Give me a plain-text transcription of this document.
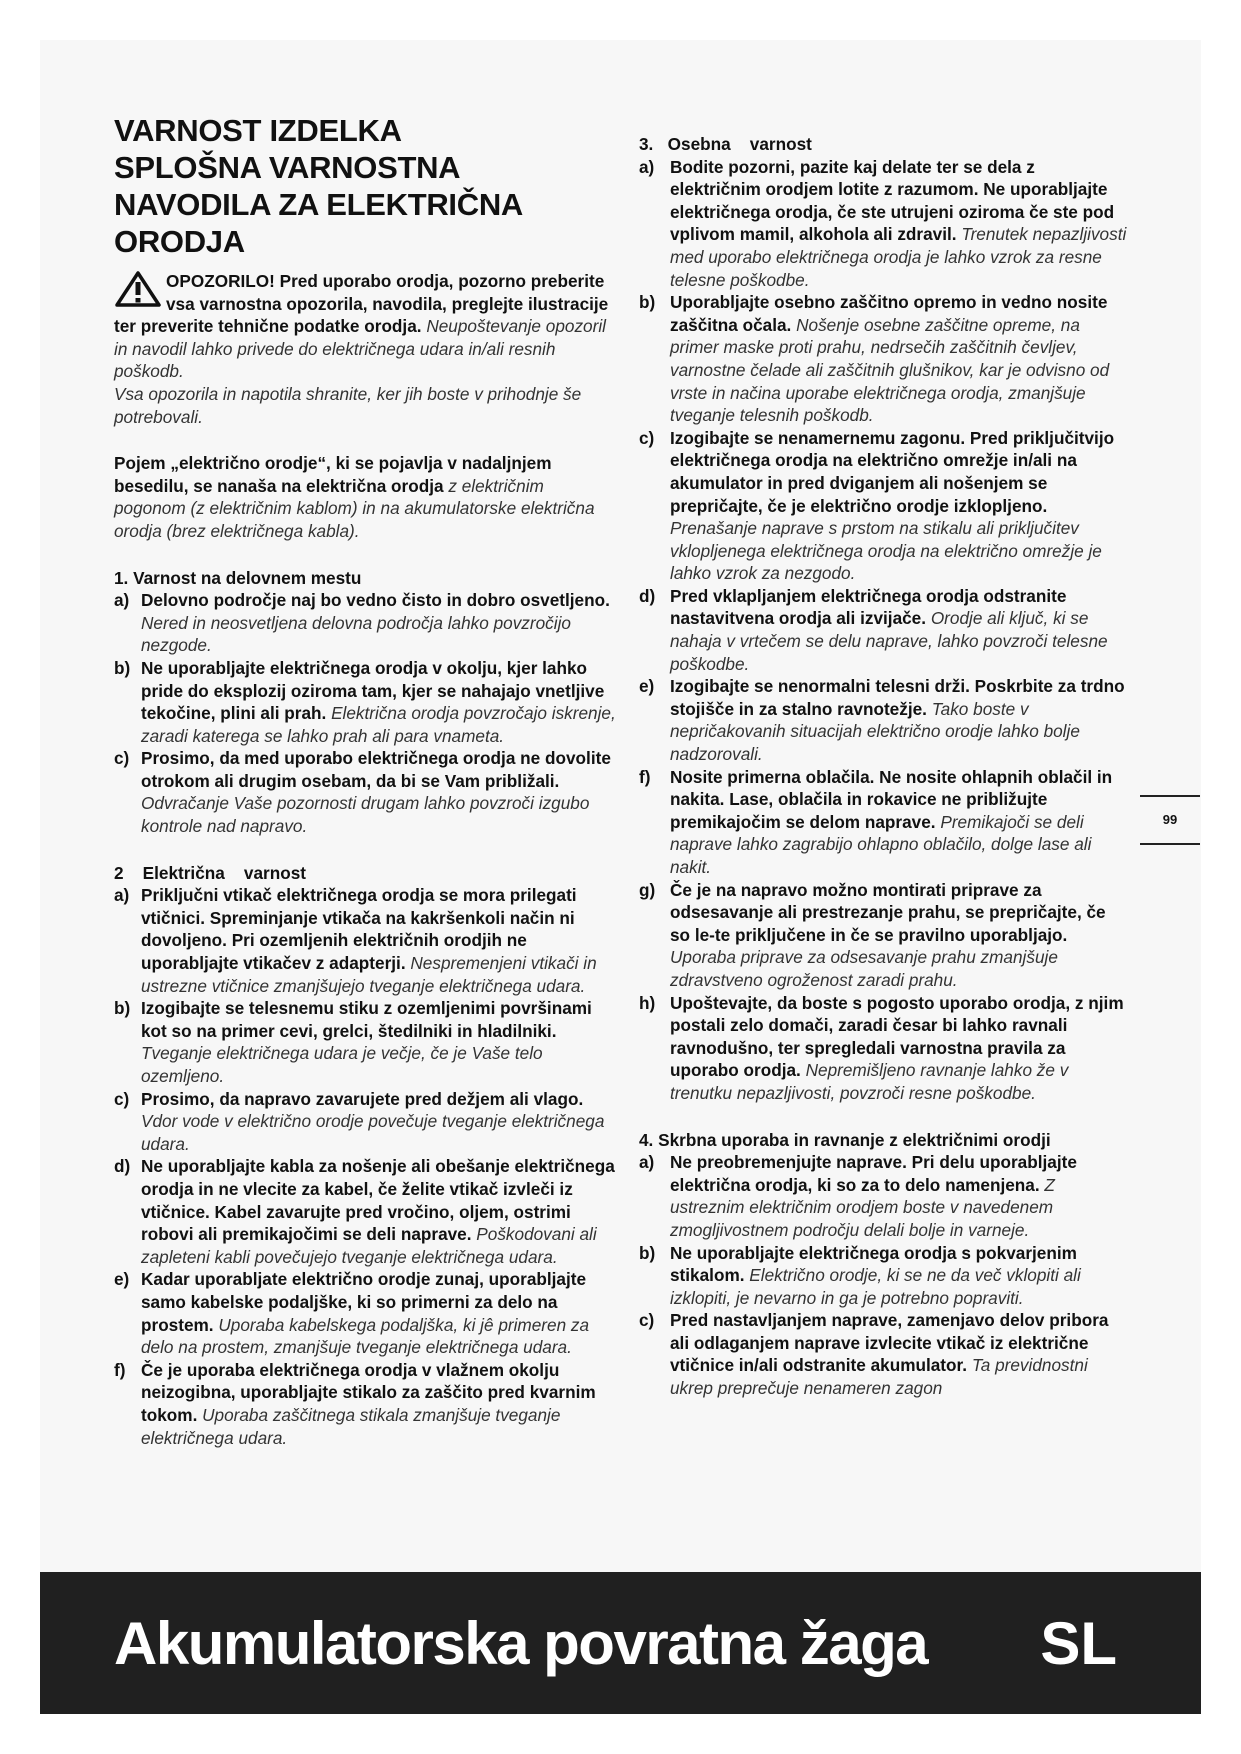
VARNOST IZDELKA
SPLOŠNA VARNOSTNA
NAVODILA ZA ELEKTRIČNA
ORODJA

OPOZORILO! Pred uporabo orodja, pozorno preberite vsa varnostna opozorila, navodila, preglejte ilustracije ter preverite tehnične podatke orodja. Neupoštevanje opozoril in navodil lahko privede do električnega udara in/ali resnih poškodb.
Vsa opozorila in napotila shranite, ker jih boste v prihodnje še potrebovali.

Pojem „električno orodje“, ki se pojavlja v nadaljnjem besedilu, se nanaša na električna orodja z električnim pogonom (z električnim kablom) in na akumulatorske električna orodja (brez električnega kabla).

1. Varnost na delovnem mestu
a) Delovno področje naj bo vedno čisto in dobro osvetljeno. Nered in neosvetljena delovna področja lahko povzročijo nezgode.
b) Ne uporabljajte električnega orodja v okolju, kjer lahko pride do eksplozij oziroma tam, kjer se nahajajo vnetljive tekočine, plini ali prah. Električna orodja povzročajo iskrenje, zaradi katerega se lahko prah ali para vnameta.
c) Prosimo, da med uporabo električnega orodja ne dovolite otrokom ali drugim osebam, da bi se Vam približali. Odvračanje Vaše pozornosti drugam lahko povzroči izgubo kontrole nad napravo.
2    Električna    varnost
a) Priključni vtikač električnega orodja se mora prilegati vtičnici. Spreminjanje vtikača na kakršenkoli način ni dovoljeno. Pri ozemljenih električnih orodjih ne uporabljajte vtikačev z adapterji. Nespremenjeni vtikači in ustrezne vtičnice zmanjšujejo tveganje električnega udara.
b) Izogibajte se telesnemu stiku z ozemljenimi površinami kot so na primer cevi, grelci, štedilniki in hladilniki. Tveganje električnega udara je večje, če je Vaše telo ozemljeno.
c) Prosimo, da napravo zavarujete pred dežjem ali vlago. Vdor vode v električno orodje povečuje tveganje električnega udara.
d) Ne uporabljajte kabla za nošenje ali obešanje električnega orodja in ne vlecite za kabel, če želite vtikač izvleči iz vtičnice. Kabel zavarujte pred vročino, oljem, ostrimi robovi ali premikajočimi se deli naprave. Poškodovani ali zapleteni kabli povečujejo tveganje električnega udara.
e) Kadar uporabljate električno orodje zunaj, uporabljajte samo kabelske podaljške, ki so primerni za delo na prostem. Uporaba kabelskega podaljška, ki jê primeren za delo na prostem, zmanjšuje tveganje električnega udara.
f) Če je uporaba električnega orodja v vlažnem okolju neizogibna, uporabljajte stikalo za zaščito pred kvarnim tokom. Uporaba zaščitnega stikala zmanjšuje tveganje električnega udara.
3.   Osebna    varnost
a) Bodite pozorni, pazite kaj delate ter se dela z električnim orodjem lotite z razumom. Ne uporabljajte električnega orodja, če ste utrujeni oziroma če ste pod vplivom mamil, alkohola ali zdravil. Trenutek nepazljivosti med uporabo električnega orodja je lahko vzrok za resne telesne poškodbe.
b) Uporabljajte osebno zaščitno opremo in vedno nosite zaščitna očala. Nošenje osebne zaščitne opreme, na primer maske proti prahu, nedrsečih zaščitnih čevljev, varnostne čelade ali zaščitnih glušnikov, kar je odvisno od vrste in načina uporabe električnega orodja, zmanjšuje tveganje telesnih poškodb.
c) Izogibajte se nenamernemu zagonu. Pred priključitvijo električnega orodja na električno omrežje in/ali na akumulator in pred dviganjem ali nošenjem se prepričajte, če je električno orodje izklopljeno. Prenašanje naprave s prstom na stikalu ali priključitev vklopljenega električnega orodja na električno omrežje je lahko vzrok za nezgodo.
d) Pred vklapljanjem električnega orodja odstranite nastavitvena orodja ali izvijače. Orodje ali ključ, ki se nahaja v vrtečem se delu naprave, lahko povzroči telesne poškodbe.
e) Izogibajte se nenormalni telesni drži. Poskrbite za trdno stojišče in za stalno ravnotežje. Tako boste v nepričakovanih situacijah električno orodje lahko bolje nadzorovali.
f) Nosite primerna oblačila. Ne nosite ohlapnih oblačil in nakita. Lase, oblačila in rokavice ne približujte premikajočim se delom naprave. Premikajoči se deli naprave lahko zagrabijo ohlapno oblačilo, dolge lase ali nakit.
g) Če je na napravo možno montirati priprave za odsesavanje ali prestrezanje prahu, se prepričajte, če so le-te priključene in če se pravilno uporabljajo. Uporaba priprave za odsesavanje prahu zmanjšuje zdravstveno ogroženost zaradi prahu.
h) Upoštevajte, da boste s pogosto uporabo orodja, z njim postali zelo domači, zaradi česar bi lahko ravnali ravnodušno, ter spregledali varnostna pravila za uporabo orodja. Nepremišljeno ravnanje lahko že v trenutku nepazljivosti, povzroči resne poškodbe.
4. Skrbna uporaba in ravnanje z električnimi orodji
a) Ne preobremenjujte naprave. Pri delu uporabljajte električna orodja, ki so za to delo namenjena. Z ustreznim električnim orodjem boste v navedenem zmogljivostnem področju delali bolje in varneje.
b) Ne uporabljajte električnega orodja s pokvarjenim stikalom. Električno orodje, ki se ne da več vklopiti ali izklopiti, je nevarno in ga je potrebno popraviti.
c) Pred nastavljanjem naprave, zamenjavo delov pribora ali odlaganjem naprave izvlecite vtikač iz električne vtičnice in/ali odstranite akumulator. Ta previdnostni ukrep preprečuje nenameren zagon
99
Akumulatorska povratna žaga SL
